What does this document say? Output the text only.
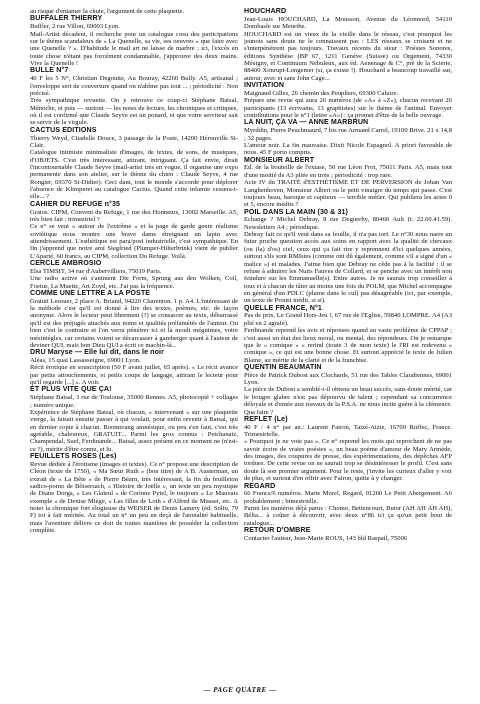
au risque d'entamer la chute, l'argument de cette plaquette.

BUFFALER THIERRY

Buffler, 2 rue Villon, 69003 Lyon.
Mail-Artist décadent, il recherche pour un catalogue cosu des participations sur le thème scandaleux de « La Quenelle, sa vie, ses oeuvres » que faire avec une Quenelle ? ». D'habitude le mail art ne laisse de marbre ; ici, l'excès en toute chose n'étant pas forcément condamnable, j'approuve des deux mains. Vive la Quenelle !

BULLE N°7

40 F les 5 N°, Christian Degoutte, Au Bouray, 42260 Bully. A5, artisanal ; l'enveloppe sert de couverture quand on n'abîme pas tout ... ; périodicité : Non précisé.
Très sympathique revuette. On y retrouve ce coup-ci Stéphane Batsal, Ménoche, et puis — surtout — les notes de lecture, les chroniques et critiques, où il est confirmé que Claude Seyve est un ponard, et que votre serviteur sait se servir de la virgule.

CACTUS EDITIONS

Thierry Weyd, Citadelle Douce, 3 passage de la Poste, 14200 Hérouville St-Clair.
Catalogue intimiste minimaliste d'images, de textes, de sons, de musiques, d'OBJETS. C'est très intéressant, attirant, intriguant. Ça fait envie, dirait l'incontournable Claude Seyve (mail-artist très en vogue, il organise une expo permanente dans son atelier, sur le thème du chien : Claude Seyve, 4 rue Rongier, 69370 St-Didier). Ceci dant, tout le monde s'accorde pour déplorer l'absence de Klimperei au catalogue Cactus. Quand cette infamie cessera-t-elle... ?

CAHIER DU REFUGE n°35

Gratos. CIPM, Couvent du Refuge, 1 rue des Honneurs, 13002 Marseille. A5, très bien fait ; trimestriel ?
Ce n° se veut « autour de l'extrême » et la page de garde genre réalisme soviétique nous montre une brave dame étreignant un lapin avec attendrissement. L'esthétique est para/post industrielle, c'est sympathique. En fin j'apprend que notre ami Siegfried (Plumper-Hilterbrink) vient de publier L'Aparté, 60 francs, au CIPM, collection Du Refuge. Voilà.

CERCLE AMBROSIO

Elsa TIMSIT, 34 rue d'Aubervilliers, 75019 Paris.
Une radio active où s'animent Die Form, Sprung aus den Wolken, Coil, Foetus, La Muette, Art Zoyd, etc. J'ai pas la fréquence.

COMME UNE LETTRE A LA POSTE

Gratuit Lesouer, 2 place A. Briand, 94220 Charenton. 1 p. A4. L'intéressant de la méthode c'est qu'il est donné à lire des textes, poèmes, etc. de façon anonyme. Alors le lecteur peut librement (?) se consacrer au texte, débarrassé qu'il est des préjugés attachés aux noms et qualités préfamétés de l'auteur. Ou bien c'est le contraire et l'on verra pénétrer ici et là moult mégnimes, votre mésintégles, car certains voient se décarcasser à gamberger quant à l'auteur de deviner QUI, mais bon Dieu QUI a écrit ce machin-là...

DRU Maryse — Elle lui dit, dans le noir

Aléas, 15 quai Lassasseigne, 69001 Lyon.
Récit érotique en souscription (50 F avant juillet, 65 après). « Le récit avance par petits attouchements, et petits coups de langage, attirant le lecteur pour qu'il regarde [...] ». A voir.

ET PLUS VITE QUE ÇA!

Stéphane Batsal, 3 rue de Toulouse, 35000 Rennes. A5, photocopié + collages ; numéro unique.
Expérience de Stéphane Batsal, où chacun, « intervenant » sur une plaquette vierge, la faisait ensuite passer à qui voulait, pour enfin revenir à Batsal, qui en dernier copie à chacun. Boomerang amnésique, ou peu s'en faut, c'est très agréable, chaleureux, GRATUIT... Parmi les gros connus : Petchanatz, Champendal, Suel, Ferdinande... Batsal, assez présent en ce moment ne (n'est-ce ?), mérite d'être connu, et lu.

FEUILLETS ROSES (Les)

Revue dédiée à l'érotisme (images et textes). Ce n° propose une description de Cléon (texte de 1750), « Ma Sœur Ruth » (bon titre) de A B. Austerman, un extrait de « La Bête » de Pierre Béarn, très intéressant, la fin du feuilleton sadico-porno de Bôisersach, « Histoire de Joëlle », un texte un peu mystique de Diane Dorga, « Les Glaïeul » de Corinne Pytel, le toujours « Le Mauvais exemple » de Denise Miège, « Les filles de Loth » d'Alfred de Musset, etc. A noter la chronique fort élogieuse du WEISER de Denis Lamery (éd. Soliu, 79 F) toi à fait méritée. Au total un n° un peu en deçà de l'atonalité habituelle, mais l'aventure délivre ce doit de toutes manières de posséder la collection complète.

HOUCHARD

Jean-Louis HOUCHARD, La Mousson, Avenue du Léonnord, 54110 Dombasle sur Meurthe.
HOUCHARD est un vieux de la vieille dans le réseau, c'est pourquoi les jeunots sans doute ne le connaissent pas : LES réseaux se croisent et ne s'interpénètrent pas toujours. Travaux récents du sieur : Poésies Sonores, éditions Synthèse (BP 67, 1211 Genève (Suisse) ou Orgement, 74330 Mésigny, et Continuum Nébuleux, aux éd. Aenenage & C°, prè de la Scierie, 88400 Xonrupt-Longemer (si, ça existe !). Houchard a beaucoup travaillé sur, autour, avec et sans John Cage...

INVITATION

Maignaud Gilles, 26 chemin des Peupliers, 69300 Caluire.
Prépare une revue qui aura 26 numéros (de «A» à «Z»), chacun recevant 26 participants (13 écrivains, 13 graphistes) sur le thème de l'animal. Envoyer contributions pour le n°1 (lettre «A») : ça promet d'être de la belle ouvrage.

LA NUIT, ÇA VA — ANNE MARBRUN

Myrddin, Pierre Peuchmaurd, 7 bis rue Armand Carrel, 19100 Brive. 21 x 14,8 ; 32 pages.
L'amour noir. La fin mauvaise. Dixit Nicole Espagnol. A priori favorable de nous. 45 F porto compris.

MONSIEUR ALBERT

Ed. de la bouteille de l'extase, 50 rue Léon Frot, 75011 Paris. A5, mais tout d'une moitié de A3 pliée en trois ; périodicité : trop rare.
Acte IV du TRAITÉ d'ESTHÉTISME ET DE PERVERSION de Johan Van Langhenhoven, Monsieur Albert ou le petit vinaigre du temps qui passe. C'est toujours beau, baroque et captieux — terrible métier. Qui publiera les actes 0 et 5, encore inédits ?

POIL DANS LA MAIN (30 & 31)

Echange ? Michel Debray, 8 rue Deguerhy, 80460 Ault (t. 22.60.41.59). Newsletters A4 ; périodique.
Debray fait ce qu'il veut dans sa feuille, il n'a pas tort. Le n°30 nous narre un futur proche question accès aux soins en rapport avec la qualité de chevaux (ou (la) d'os) ciel, ceux qui ça fait rire y reprennent d'ici quelques années, surtout s'ils sont RMIstes (comme ont dû également, comme s'il a signé d'un « malice ») et malades. J'aime bien que Debray ne cède pas à la facilité : il se refuse à admirer les Nuits Fauves de Collard, et se penche avec un intérêt non feindure sur les Emmanuelle(s). Entre autres. Je ne saurais trop conseiller à tous et à chacun de tâter au moins une fois du POLM, que Michel accompagne en général d'un PDLC (plume dans le cul) pas désagréable (ici, par exemple, un texte de Proust inédit, si si).

QUELLE FRANCE, N°1

Pas de prix. Le Grand Hors-Jeu !, 67 rue de l'Eglise, 59840 LOMPRE. A4 (A3 plié en 2 agrafé).
Ferdinande reprend les avis et réponses quand au vaste problème de CPPAP ; c'est aussi un état des lieux moral, ou mental, des répondeurs. On je remarque que le « comique » « rerind (toute 3 de mon texte) le l'RI est redevenu » comique », ce qui est une bonne chose. Et surtout apprécié le texte de Julien Blaine, au mérite de la clarté et de la franchise.

QUENTIN BEAUMATIN

Pièce de Patrick Dubost aux Clochards, 51 rue des Tables Claudiennes, 69001 Lyon.
La pièce de Dubost a semblé-t-il obtenu un beau succès, sans doute mérité, car le bougre glabre n'est pas dépourvu de talent ; cependant sa concurrence déloyale et d'entée aux travaux de la P.S.A. ne nous incite guère à la clémence. Qua faire ?

REFLET (Le)

40 F / 4 n° par an.: Laurent Fairon, Taizé-Aizie, 16700 Ruffec, France. Trimestrielle.
« Pourquoi je ne vote pas ». Ce n° reprend les mots qui reprochent de ne pas savoir écrire de vraies poésies », un beau poème d'amour de Mary Armède, des images, des coupures de presse, des expérimentations, des dépêches AFP tordues. De cette revue on ne saurait trop se désintéresser le profil. C'est sans doute là son premier argument. Pour le reste, j'invite les curieux d'aller y voir de plus, et surtout d'en offrir avec Fairon, quitte à y changer.

REGARD

66 Francs/6 numéros. Marie Morel, Regard, 01260 Le Petit Abergement. A6 probablement ; bimestrielle.
Parmi les numéros déjà parus : Chomo, Bettencourt, Butor (AH AH AH AH), Bélia... à coûter à découvrir, avec deux n°86 ici ça qu'un petit bout de catalogue...

RETOUR D'OMBRE

Contacter l'auteur, Jean-Marie ROUS, 143 bld Raspail, 75006

— PAGE QUATRE —
